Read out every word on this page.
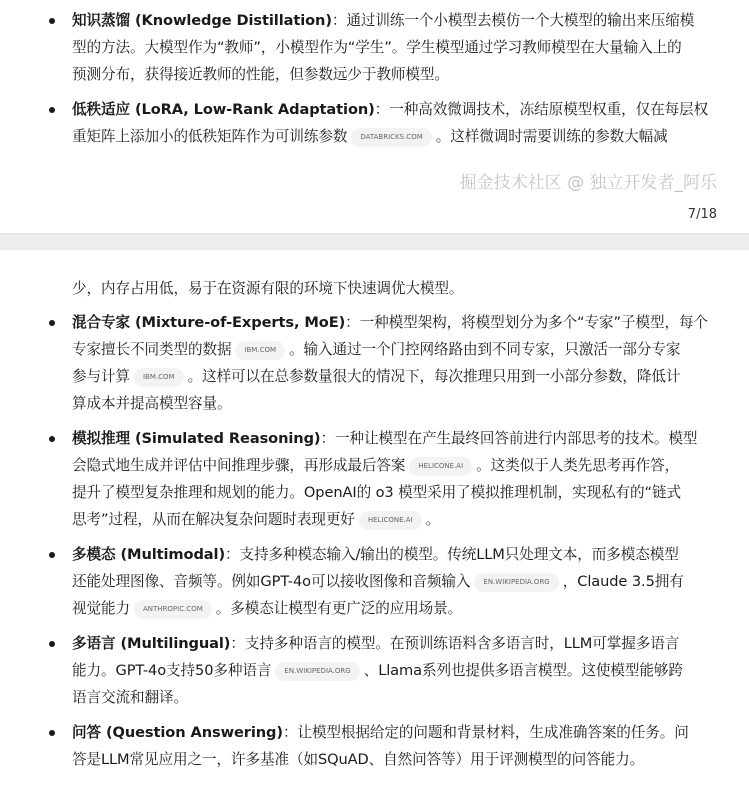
知识蒸馏 (Knowledge Distillation)：通过训练一个小模型去模仿一个大模型的输出来压缩模
型的方法。大模型作为“教师”，小模型作为“学生”。学生模型通过学习教师模型在大量输入上的
预测分布，获得接近教师的性能，但参数远少于教师模型。
低秩适应 (LoRA, Low-Rank Adaptation)：一种高效微调技术，冻结原模型权重，仅在每层权
重矩阵上添加小的低秩矩阵作为可训练参数 DATABRICKS.COM 。这样微调时需要训练的参数大幅减
掘金技术社区 @ 独立开发者_阿乐
7/18
少，内存占用低，易于在资源有限的环境下快速调优大模型。
混合专家 (Mixture-of-Experts, MoE)：一种模型架构，将模型划分为多个“专家”子模型，每个
专家擅长不同类型的数据 IBM.COM 。输入通过一个门控网络路由到不同专家，只激活一部分专家
参与计算 IBM.COM 。这样可以在总参数量很大的情况下，每次推理只用到一小部分参数，降低计
算成本并提高模型容量。
模拟推理 (Simulated Reasoning)：一种让模型在产生最终回答前进行内部思考的技术。模型
会隐式地生成并评估中间推理步骤，再形成最后答案 HELICONE.AI 。这类似于人类先思考再作答，
提升了模型复杂推理和规划的能力。OpenAI的 o3 模型采用了模拟推理机制，实现私有的“链式
思考”过程，从而在解决复杂问题时表现更好 HELICONE.AI 。
多模态 (Multimodal)：支持多种模态输入/输出的模型。传统LLM只处理文本，而多模态模型
还能处理图像、音频等。例如GPT-4o可以接收图像和音频输入 EN.WIKIPEDIA.ORG ，Claude 3.5拥有
视觉能力 ANTHROPIC.COM 。多模态让模型有更广泛的应用场景。
多语言 (Multilingual)：支持多种语言的模型。在预训练语料含多语言时，LLM可掌握多语言
能力。GPT-4o支持50多种语言 EN.WIKIPEDIA.ORG 、Llama系列也提供多语言模型。这使模型能够跨
语言交流和翻译。
问答 (Question Answering)：让模型根据给定的问题和背景材料，生成准确答案的任务。问
答是LLM常见应用之一，许多基准（如SQuAD、自然问答等）用于评测模型的问答能力。
